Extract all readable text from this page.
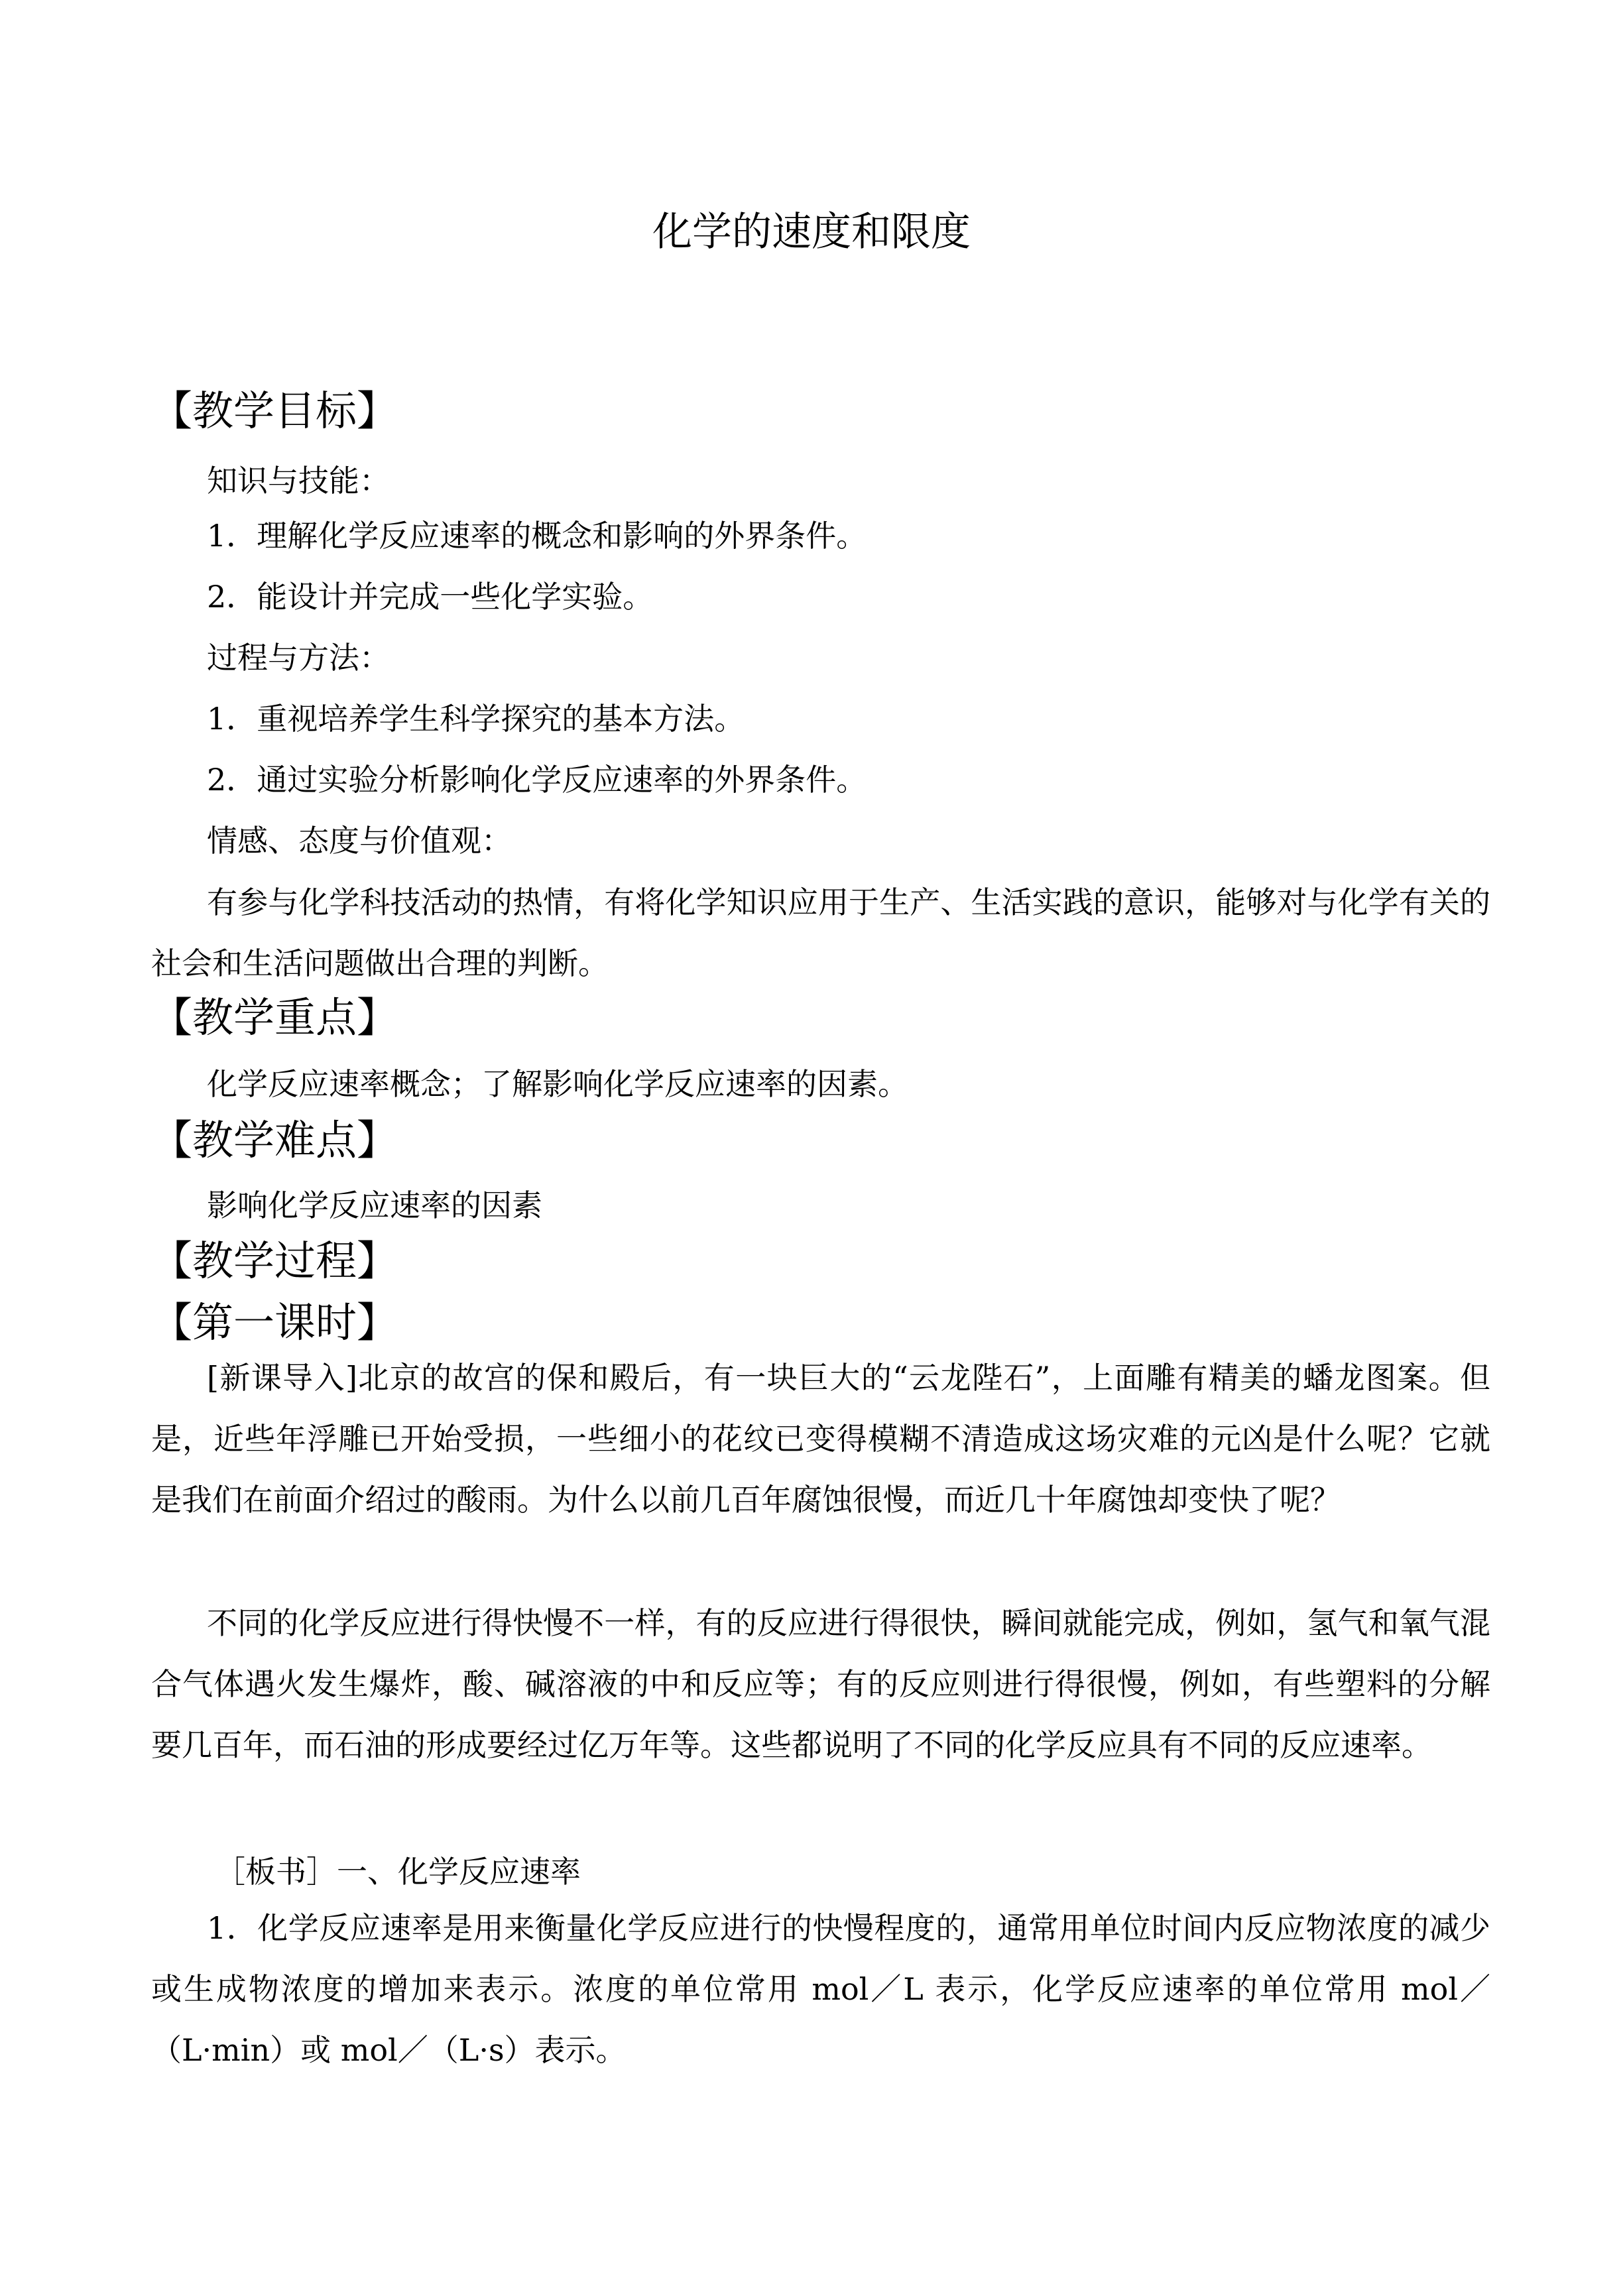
化学的速度和限度
【教学目标】
知识与技能：
1．理解化学反应速率的概念和影响的外界条件。
2．能设计并完成一些化学实验。
过程与方法：
1．重视培养学生科学探究的基本方法。
2．通过实验分析影响化学反应速率的外界条件。
情感、态度与价值观：
有参与化学科技活动的热情，有将化学知识应用于生产、生活实践的意识，能够对与化学有关的社会和生活问题做出合理的判断。
【教学重点】
化学反应速率概念；了解影响化学反应速率的因素。
【教学难点】
影响化学反应速率的因素
【教学过程】
【第一课时】
[新课导入]北京的故宫的保和殿后，有一块巨大的“云龙陛石”，上面雕有精美的蟠龙图案。但是，近些年浮雕已开始受损，一些细小的花纹已变得模糊不清造成这场灾难的元凶是什么呢？它就是我们在前面介绍过的酸雨。为什么以前几百年腐蚀很慢，而近几十年腐蚀却变快了呢？
不同的化学反应进行得快慢不一样，有的反应进行得很快，瞬间就能完成，例如，氢气和氧气混合气体遇火发生爆炸，酸、碱溶液的中和反应等；有的反应则进行得很慢，例如，有些塑料的分解要几百年，而石油的形成要经过亿万年等。这些都说明了不同的化学反应具有不同的反应速率。
［板书］一、化学反应速率
1．化学反应速率是用来衡量化学反应进行的快慢程度的，通常用单位时间内反应物浓度的减少或生成物浓度的增加来表示。浓度的单位常用 mol／L 表示，化学反应速率的单位常用 mol／（L·min）或 mol／（L·s）表示。
